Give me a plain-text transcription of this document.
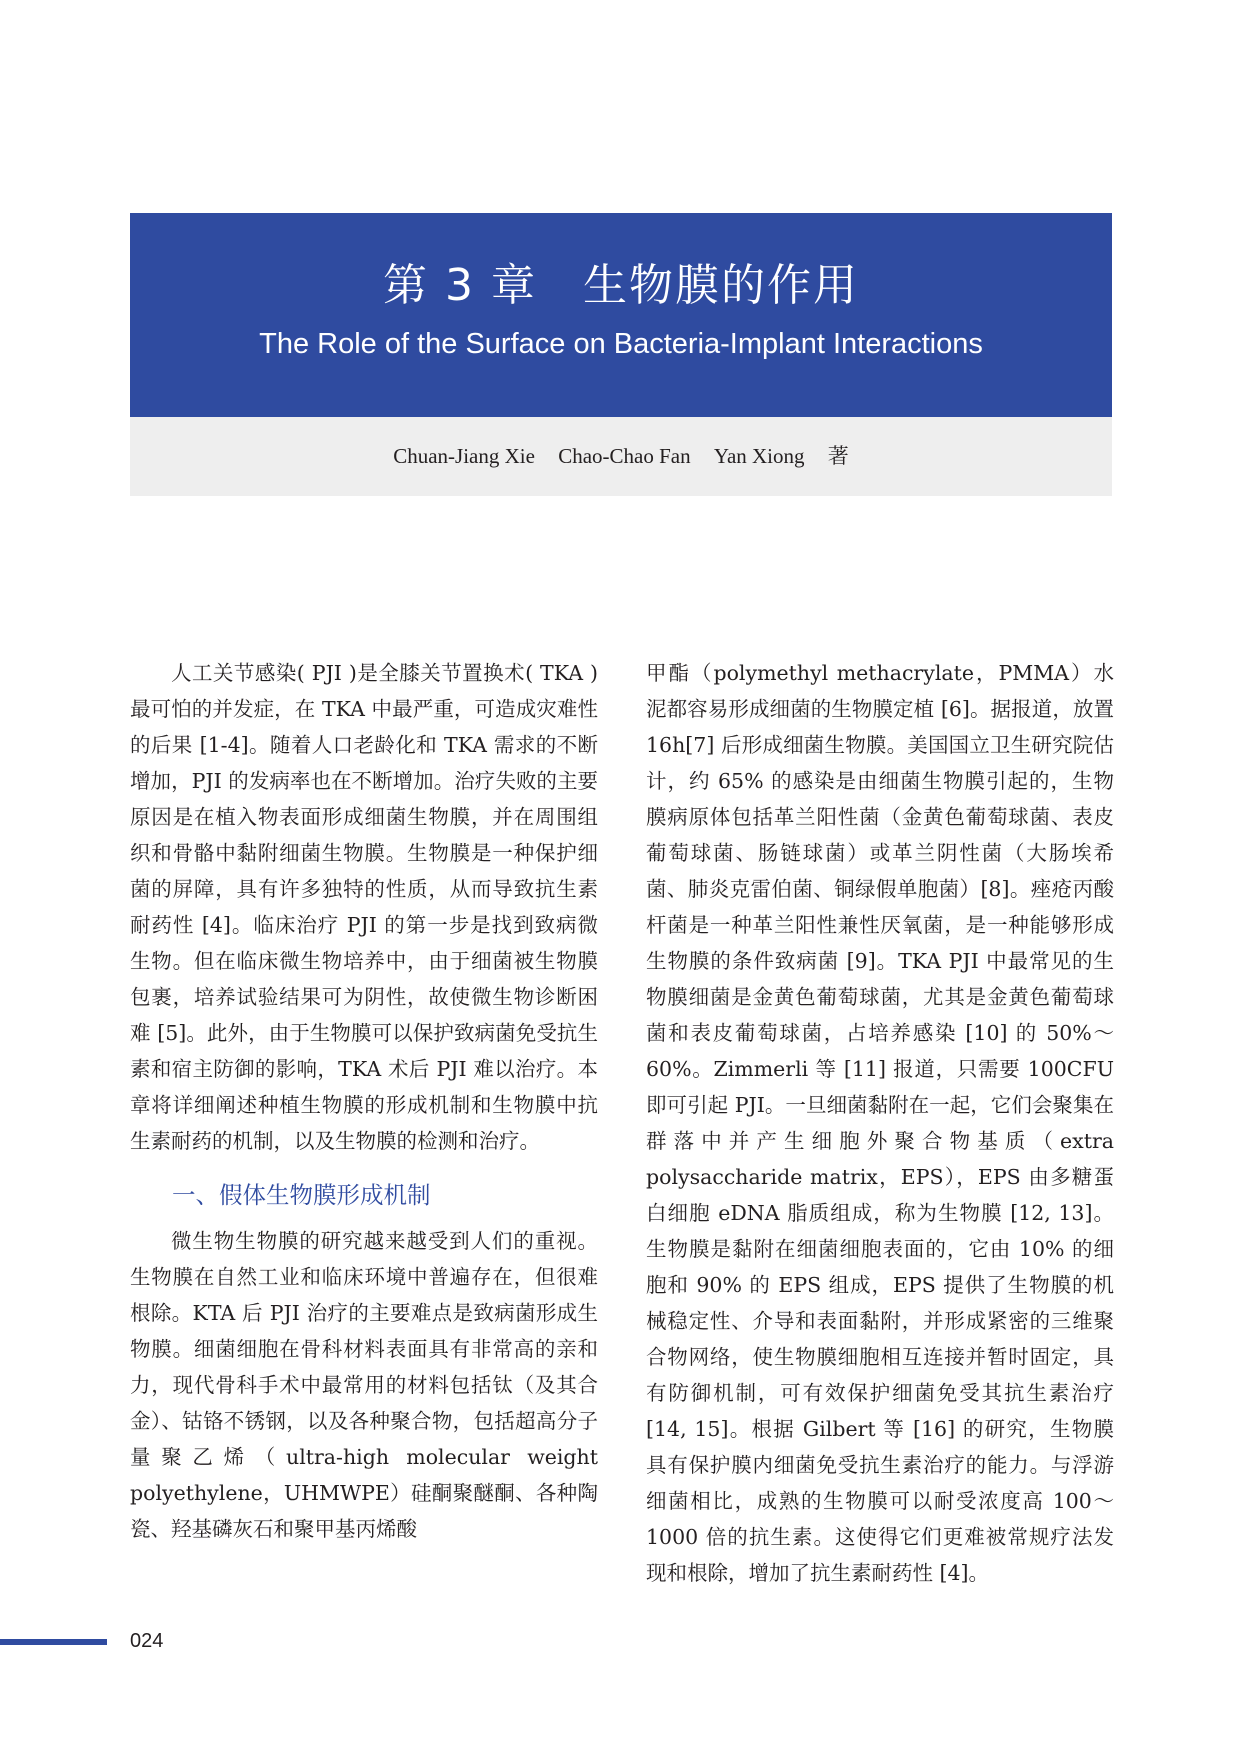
第 3 章　生物膜的作用
The Role of the Surface on Bacteria-Implant Interactions
Chuan-Jiang Xie Chao-Chao Fan Yan Xiong 著

人工关节感染( PJI )是全膝关节置换术( TKA )最可怕的并发症，在 TKA 中最严重，可造成灾难性的后果 [1-4]。随着人口老龄化和 TKA 需求的不断增加，PJI 的发病率也在不断增加。治疗失败的主要原因是在植入物表面形成细菌生物膜，并在周围组织和骨骼中黏附细菌生物膜。生物膜是一种保护细菌的屏障，具有许多独特的性质，从而导致抗生素耐药性 [4]。临床治疗 PJI 的第一步是找到致病微生物。但在临床微生物培养中，由于细菌被生物膜包裹，培养试验结果可为阴性，故使微生物诊断困难 [5]。此外，由于生物膜可以保护致病菌免受抗生素和宿主防御的影响，TKA 术后 PJI 难以治疗。本章将详细阐述种植生物膜的形成机制和生物膜中抗生素耐药的机制，以及生物膜的检测和治疗。

一、假体生物膜形成机制

微生物生物膜的研究越来越受到人们的重视。生物膜在自然工业和临床环境中普遍存在，但很难根除。KTA 后 PJI 治疗的主要难点是致病菌形成生物膜。细菌细胞在骨科材料表面具有非常高的亲和力，现代骨科手术中最常用的材料包括钛（及其合金）、钴铬不锈钢，以及各种聚合物，包括超高分子量聚乙烯（ultra-high molecular weight polyethylene，UHMWPE）硅酮聚醚酮、各种陶瓷、羟基磷灰石和聚甲基丙烯酸

甲酯（polymethyl methacrylate，PMMA）水泥都容易形成细菌的生物膜定植 [6]。据报道，放置 16h[7] 后形成细菌生物膜。美国国立卫生研究院估计，约 65% 的感染是由细菌生物膜引起的，生物膜病原体包括革兰阳性菌（金黄色葡萄球菌、表皮葡萄球菌、肠链球菌）或革兰阴性菌（大肠埃希菌、肺炎克雷伯菌、铜绿假单胞菌）[8]。痤疮丙酸杆菌是一种革兰阳性兼性厌氧菌，是一种能够形成生物膜的条件致病菌 [9]。TKA PJI 中最常见的生物膜细菌是金黄色葡萄球菌，尤其是金黄色葡萄球菌和表皮葡萄球菌，占培养感染 [10] 的 50%～60%。Zimmerli 等 [11] 报道，只需要 100CFU 即可引起 PJI。一旦细菌黏附在一起，它们会聚集在群落中并产生细胞外聚合物基质（extra polysaccharide matrix，EPS），EPS 由多糖蛋白细胞 eDNA 脂质组成，称为生物膜 [12, 13]。生物膜是黏附在细菌细胞表面的，它由 10% 的细胞和 90% 的 EPS 组成，EPS 提供了生物膜的机械稳定性、介导和表面黏附，并形成紧密的三维聚合物网络，使生物膜细胞相互连接并暂时固定，具有防御机制，可有效保护细菌免受其抗生素治疗 [14, 15]。根据 Gilbert 等 [16] 的研究，生物膜具有保护膜内细菌免受抗生素治疗的能力。与浮游细菌相比，成熟的生物膜可以耐受浓度高 100～1000 倍的抗生素。这使得它们更难被常规疗法发现和根除，增加了抗生素耐药性 [4]。

024
